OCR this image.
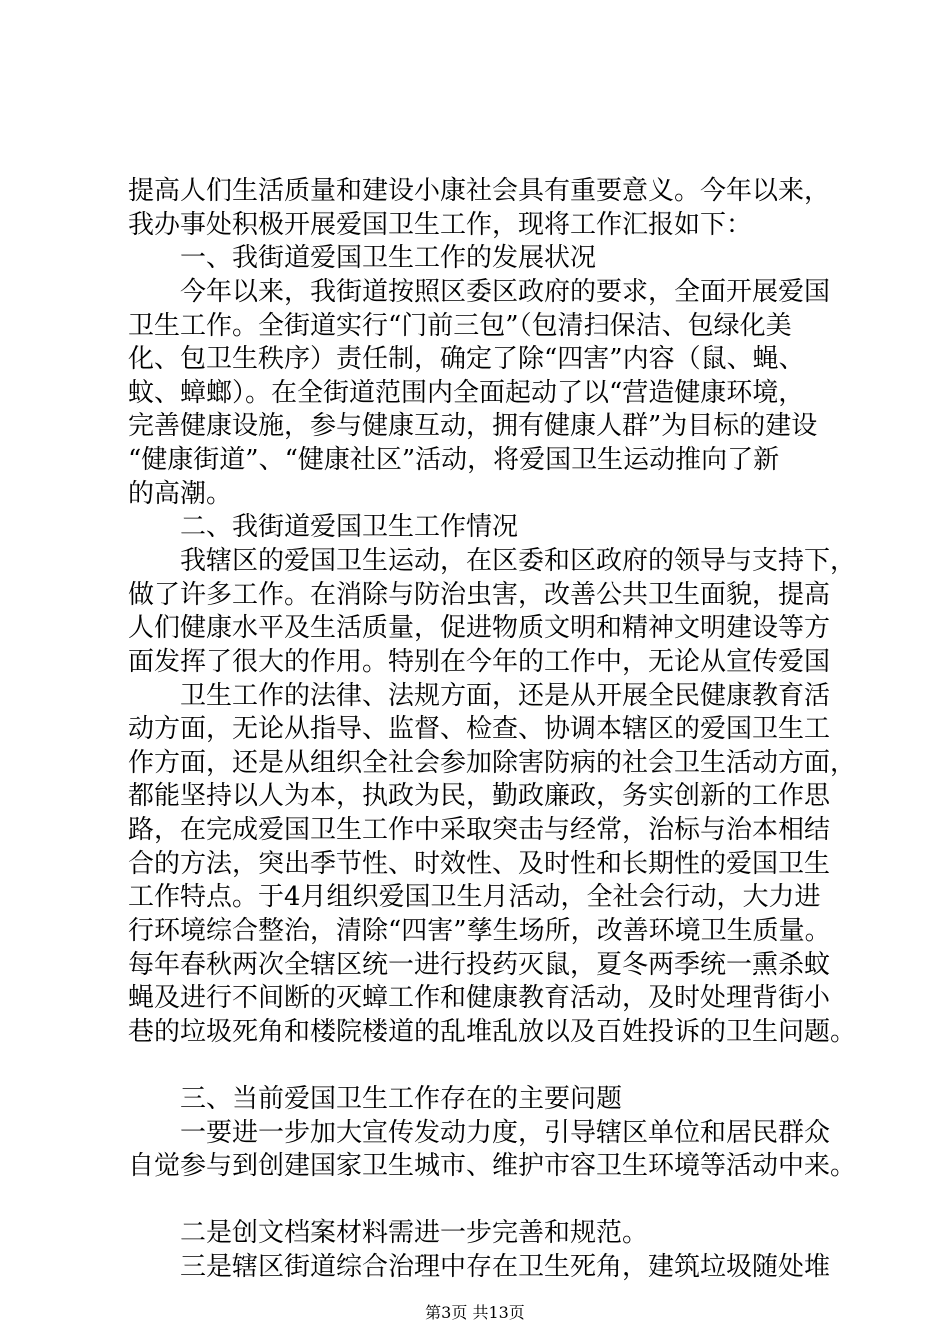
提高人们生活质量和建设小康社会具有重要意义。今年以来，
我办事处积极开展爱国卫生工作，现将工作汇报如下：
一、我街道爱国卫生工作的发展状况
今年以来，我街道按照区委区政府的要求，全面开展爱国
卫生工作。全街道实行“门前三包”（包清扫保洁、包绿化美
化、包卫生秩序）责任制，确定了除“四害”内容（鼠、蝇、
蚊、蟑螂）。在全街道范围内全面起动了以“营造健康环境，
完善健康设施，参与健康互动，拥有健康人群”为目标的建设
“健康街道”、“健康社区”活动，将爱国卫生运动推向了新
的高潮。
二、我街道爱国卫生工作情况
我辖区的爱国卫生运动，在区委和区政府的领导与支持下，
做了许多工作。在消除与防治虫害，改善公共卫生面貌，提高
人们健康水平及生活质量，促进物质文明和精神文明建设等方
面发挥了很大的作用。特别在今年的工作中，无论从宣传爱国
卫生工作的法律、法规方面，还是从开展全民健康教育活
动方面，无论从指导、监督、检查、协调本辖区的爱国卫生工
作方面，还是从组织全社会参加除害防病的社会卫生活动方面，
都能坚持以人为本，执政为民，勤政廉政，务实创新的工作思
路，在完成爱国卫生工作中采取突击与经常，治标与治本相结
合的方法，突出季节性、时效性、及时性和长期性的爱国卫生
工作特点。于4月组织爱国卫生月活动，全社会行动，大力进
行环境综合整治，清除“四害”孳生场所，改善环境卫生质量。
每年春秋两次全辖区统一进行投药灭鼠，夏冬两季统一熏杀蚊
蝇及进行不间断的灭蟑工作和健康教育活动，及时处理背街小
巷的垃圾死角和楼院楼道的乱堆乱放以及百姓投诉的卫生问题。
三、当前爱国卫生工作存在的主要问题
一要进一步加大宣传发动力度，引导辖区单位和居民群众
自觉参与到创建国家卫生城市、维护市容卫生环境等活动中来。
二是创文档案材料需进一步完善和规范。
三是辖区街道综合治理中存在卫生死角，建筑垃圾随处堆
第3页 共13页
